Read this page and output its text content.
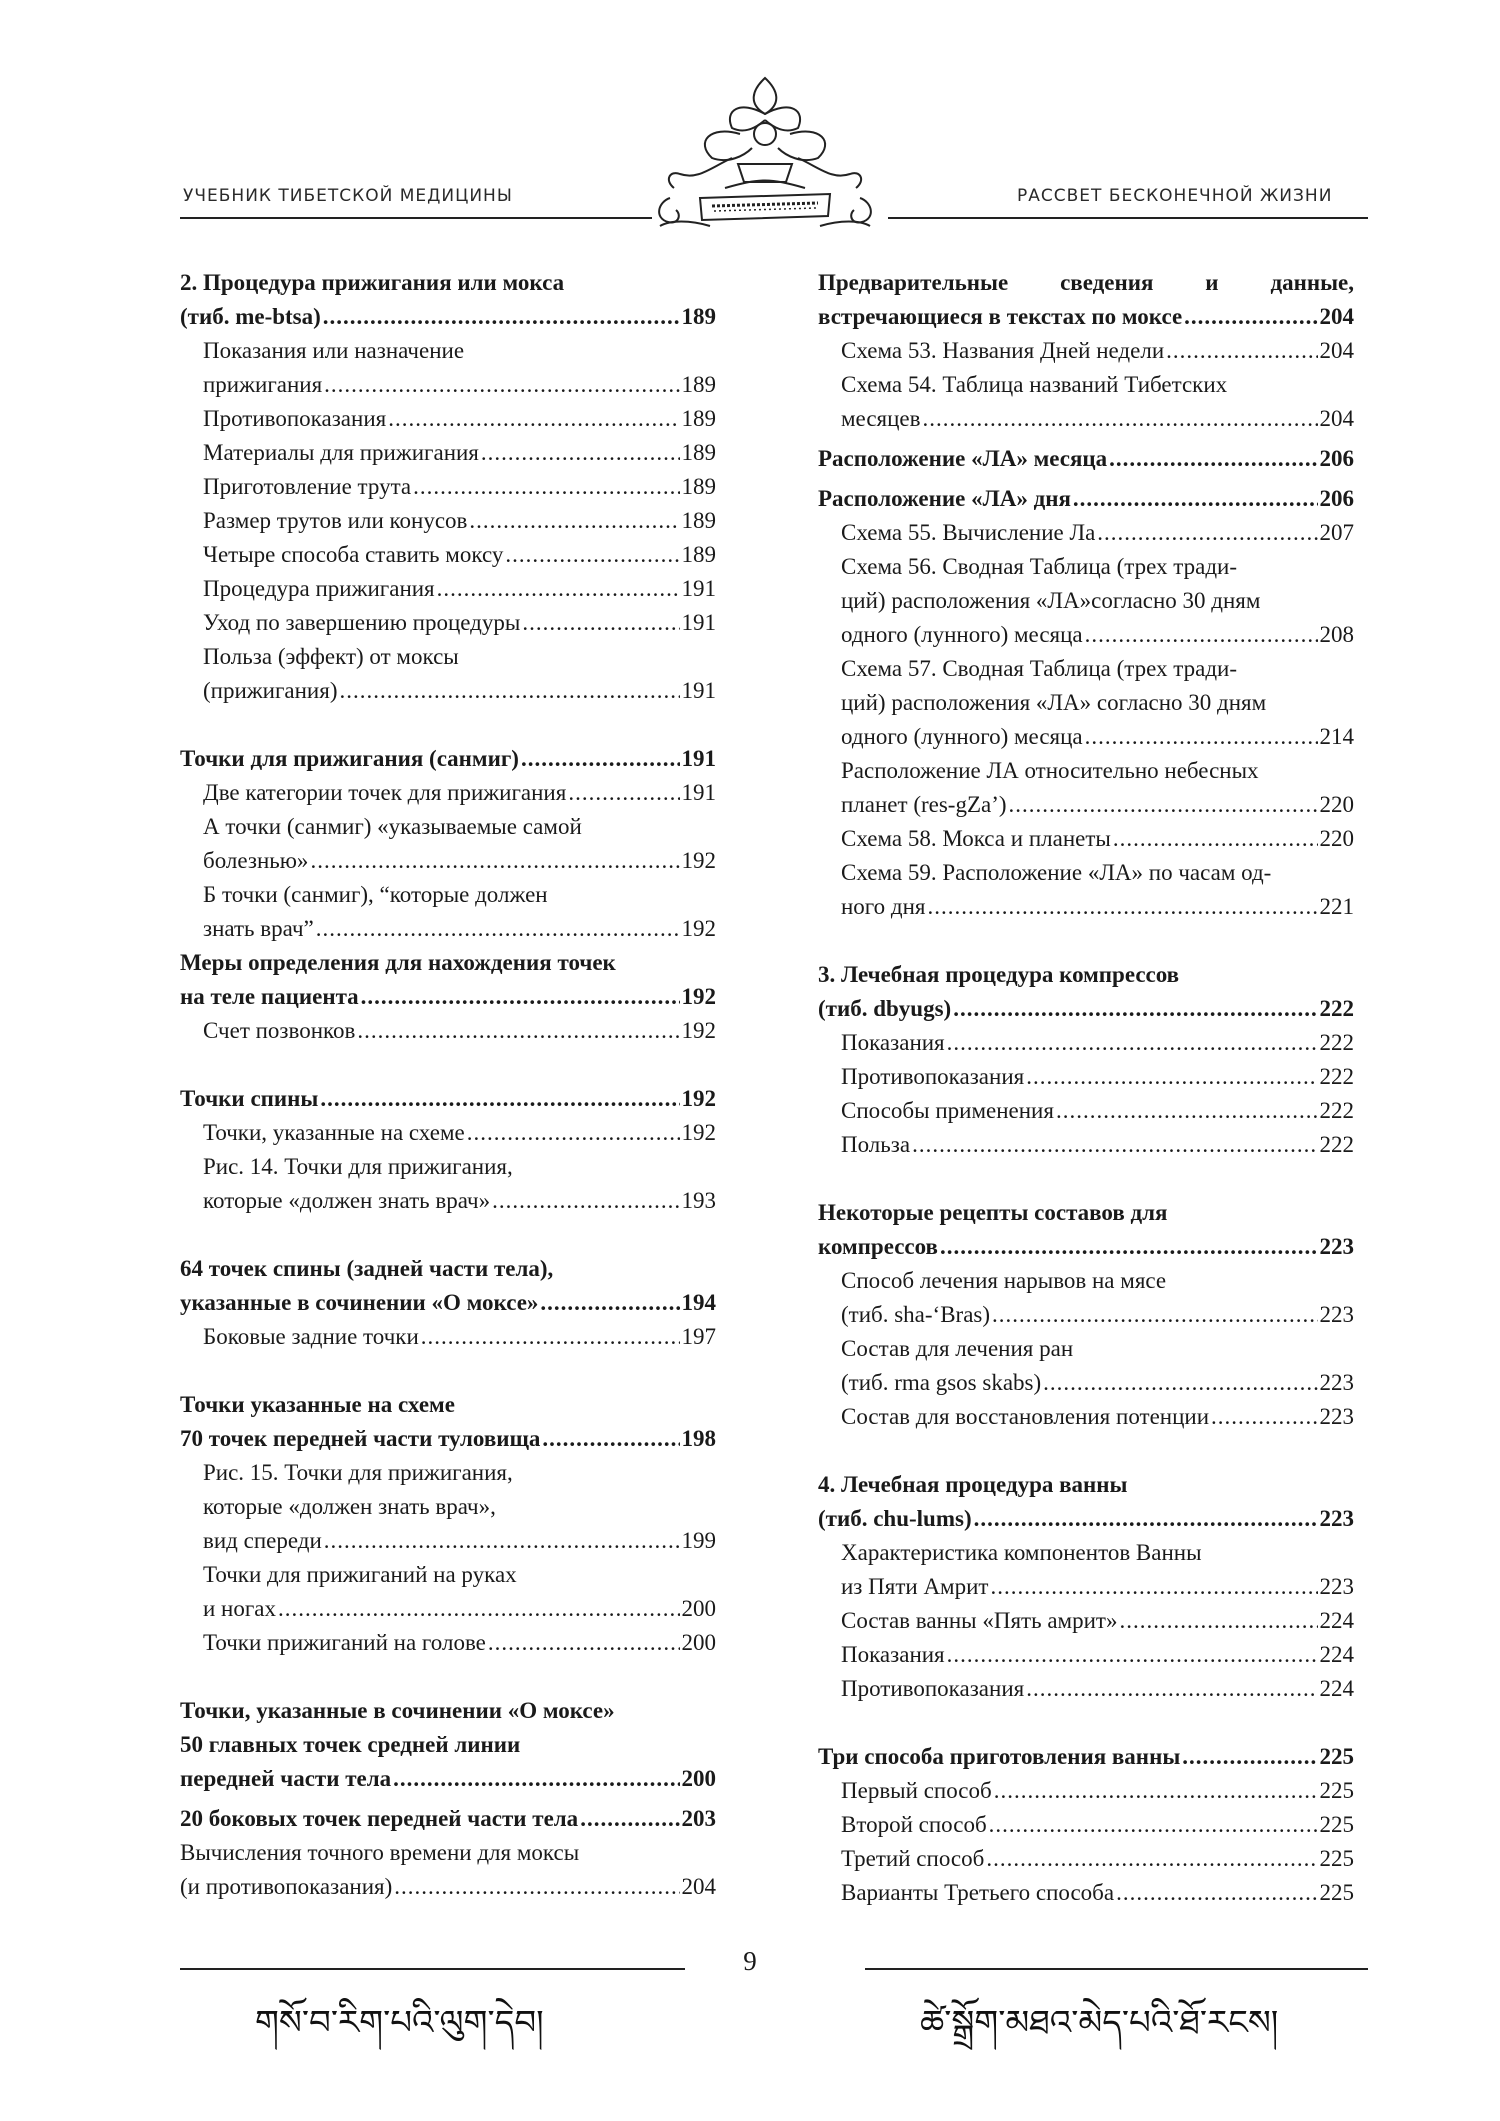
УЧЕБНИК ТИБЕТСКОЙ МЕДИЦИНЫ	РАССВЕТ БЕСКОНЕЧНОЙ ЖИЗНИ
2. Процедура прижигания или мокса
(тиб. me-btsa) .....	189
Показания или назначение
прижигания .....	189
Противопоказания .....	189
Материалы для прижигания .....	189
Приготовление трута .....	189
Размер трутов или конусов .....	189
Четыре способа ставить моксу .....	189
Процедура прижигания .....	191
Уход по завершению процедуры .....	191
Польза (эффект) от моксы
(прижигания) .....	191
Точки для прижигания (санмиг) .....	191
Две категории точек для прижигания .....	191
А точки (санмиг) «указываемые самой
болезнью» .....	192
Б точки (санмиг), “которые должен
знать врач” .....	192
Меры определения для нахождения точек
на теле пациента .....	192
Счет позвонков .....	192
Точки спины .....	192
Точки, указанные на схеме .....	192
Рис. 14. Точки для прижигания,
которые «должен знать врач» .....	193
64 точек спины (задней части тела),
указанные в сочинении «О моксе» .....	194
Боковые задние точки .....	197
Точки указанные на схеме
70 точек передней части туловища .....	198
Рис. 15. Точки для прижигания,
которые «должен знать врач»,
вид спереди .....	199
Точки для прижиганий на руках
и ногах .....	200
Точки прижиганий на голове .....	200
Точки, указанные в сочинении «О моксе»
50 главных точек средней линии
передней части тела .....	200
20 боковых точек передней части тела .....	203
Вычисления точного времени для моксы
(и противопоказания) .....	204
Предварительные сведения и данные,
встречающиеся в текстах по моксе .....	204
Схема 53. Названия Дней недели .....	204
Схема 54. Таблица названий Тибетских
месяцев .....	204
Расположение «ЛА» месяца .....	206
Расположение «ЛА» дня .....	206
Схема 55. Вычисление Ла .....	207
Схема 56. Сводная Таблица (трех тради-
ций) расположения «ЛА»согласно 30 дням
одного (лунного) месяца .....	208
Схема 57. Сводная Таблица (трех тради-
ций) расположения «ЛА» согласно 30 дням
одного (лунного) месяца .....	214
Расположение ЛА относительно небесных
планет (res-gZa’) .....	220
Схема 58. Мокса и планеты .....	220
Схема 59. Расположение «ЛА» по часам од-
ного дня .....	221
3. Лечебная процедура компрессов
(тиб. dbyugs) .....	222
Показания .....	222
Противопоказания .....	222
Способы применения .....	222
Польза .....	222
Некоторые рецепты составов для
компрессов .....	223
Способ лечения нарывов на мясе
(тиб. sha-‘Bras) .....	223
Состав для лечения ран
(тиб. rma gsos skabs) .....	223
Состав для восстановления потенции .....	223
4. Лечебная процедура ванны
(тиб. chu-lums) .....	223
Характеристика компонентов Ванны
из Пяти Амрит .....	223
Состав ванны «Пять амрит» .....	224
Показания .....	224
Противопоказания .....	224
Три способа приготовления ванны .....	225
Первый способ .....	225
Второй способ .....	225
Третий способ .....	225
Варианты Третьего способа .....	225
9
གསོ་བ་རིག་པའི་ལུག་དེབ།	ཚེ་སྒྲོག་མཐའ་མེད་པའི་ཐོ་རངས།
